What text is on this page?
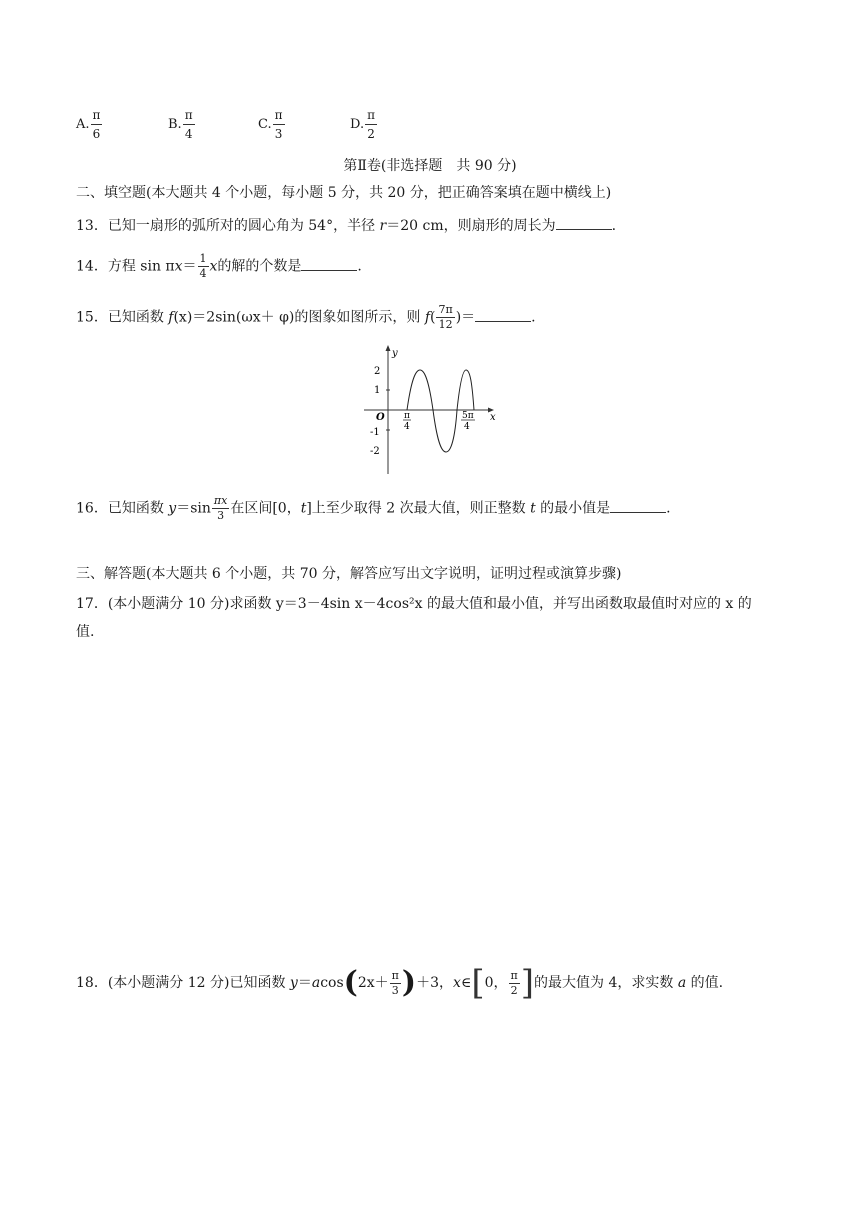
A. $\frac{\pi}{6}$	B. $\frac{\pi}{4}$	C. $\frac{\pi}{3}$	D. $\frac{\pi}{2}$
第Ⅱ卷(非选择题　共 90 分)
二、填空题(本大题共 4 个小题，每小题 5 分，共 20 分，把正确答案填在题中横线上)
13．已知一扇形的弧所对的圆心角为 54°，半径 r＝20 cm，则扇形的周长为	.
14．方程 $\sin \pi x= \frac{1}{4}$ x的解的个数是	.
15．已知函数 f(x)＝2sin(ωx＋ φ)的图象如图所示，则 $f( \frac{7\pi}{12}$ )＝	.
y
x
O
2
1
-1
-2
π
4
5π
4
16．已知函数 $y=\sin \frac{\pi x}{3}$ 在区间[0，t]上至少取得 2 次最大值，则正整数 t 的最小值是	.
三、解答题(本大题共 6 个小题，共 70 分，解答应写出文字说明，证明过程或演算步骤)
17．(本小题满分 10 分)求函数 y＝3－4sin x－4cos²x 的最大值和最小值，并写出函数取最值时对应的 x 的
值.
18．(本小题满分 12 分)已知函数 $y=acos(2x+ \frac{\pi}{3} )+3$，x∈[0， $\frac{\pi}{2}$ ]的最大值为 4，求实数 a 的值.
